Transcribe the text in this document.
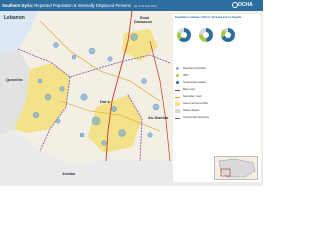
Southern Syria: Reported Population & Internally Displaced Persons As of 24 Feb 2014	OCHA
Lebanon	Rural Damascus
Quneitra
Dar'a
As-Sweida
Jordan
Population estimate of Dar'a, Quneitra and As-Sweida
Reported population
IDPs
Governorate capital
Main road
Secondary road
Area of armed conflict
Golan Heights
Governorate boundary
